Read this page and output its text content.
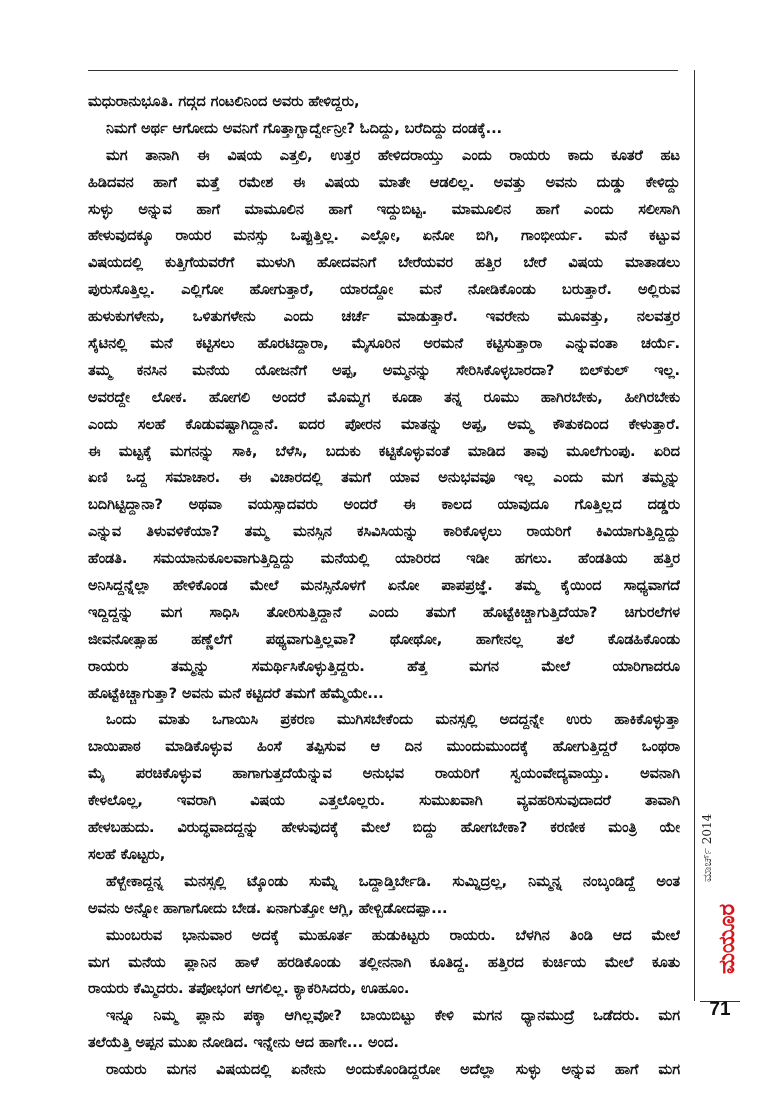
ಮಧುರಾನುಭೂತಿ. ಗದ್ಗದ ಗಂಟಲಿನಿಂದ ಅವರು ಹೇಳಿದ್ದರು,
ನಿಮಗೆ ಅರ್ಥ ಆಗೋದು ಅವನಿಗೆ ಗೊತ್ತಾಗ್ಬಾರ್ದ್ವೇನ್ರೀ? ಓದಿದ್ದು, ಬರೆದಿದ್ದು ದಂಡಕ್ಕೆ...
ಮಗ ತಾನಾಗಿ ಈ ವಿಷಯ ಎತ್ತಲಿ, ಉತ್ತರ ಹೇಳಿದರಾಯ್ತು ಎಂದು ರಾಯರು ಕಾದು ಕೂತರೆ ಹಟ
ಹಿಡಿದವನ ಹಾಗೆ ಮತ್ತೆ ರಮೇಶ ಈ ವಿಷಯ ಮಾತೇ ಆಡಲಿಲ್ಲ. ಅವತ್ತು ಅವನು ದುಡ್ಡು ಕೇಳಿದ್ದು
ಸುಳ್ಳು ಅನ್ನುವ ಹಾಗೆ ಮಾಮೂಲಿನ ಹಾಗೆ ಇದ್ದುಬಿಟ್ಟ. ಮಾಮೂಲಿನ ಹಾಗೆ ಎಂದು ಸಲೀಸಾಗಿ
ಹೇಳುವುದಕ್ಕೂ ರಾಯರ ಮನಸ್ಸು ಒಪ್ಪುತ್ತಿಲ್ಲ. ಎಲ್ಲೋ, ಏನೋ ಬಿಗಿ, ಗಾಂಭೀರ್ಯ. ಮನೆ ಕಟ್ಟುವ
ವಿಷಯದಲ್ಲಿ ಕುತ್ತಿಗೆಯವರೆಗೆ ಮುಳುಗಿ ಹೋದವನಿಗೆ ಬೇರೆಯವರ ಹತ್ತಿರ ಬೇರೆ ವಿಷಯ ಮಾತಾಡಲು
ಪುರುಸೊತ್ತಿಲ್ಲ. ಎಲ್ಲಿಗೋ ಹೋಗುತ್ತಾರೆ, ಯಾರದ್ದೋ ಮನೆ ನೋಡಿಕೊಂಡು ಬರುತ್ತಾರೆ. ಅಲ್ಲಿರುವ
ಹುಳುಕುಗಳೇನು, ಒಳಿತುಗಳೇನು ಎಂದು ಚರ್ಚೆ ಮಾಡುತ್ತಾರೆ. ಇವರೇನು ಮೂವತ್ತು, ನಲವತ್ತರ
ಸೈಟಿನಲ್ಲಿ ಮನೆ ಕಟ್ಟಿಸಲು ಹೊರಟಿದ್ದಾರಾ, ಮೈಸೂರಿನ ಅರಮನೆ ಕಟ್ಟಿಸುತ್ತಾರಾ ಎನ್ನುವಂತಾ ಚರ್ಯೆ.
ತಮ್ಮ ಕನಸಿನ ಮನೆಯ ಯೋಜನೆಗೆ ಅಪ್ಪ, ಅಮ್ಮನನ್ನು ಸೇರಿಸಿಕೊಳ್ಳಬಾರದಾ? ಬಿಲ್‌ಕುಲ್ ಇಲ್ಲ.
ಅವರದ್ದೇ ಲೋಕ. ಹೋಗಲಿ ಅಂದರೆ ಮೊಮ್ಮಗ ಕೂಡಾ ತನ್ನ ರೂಮು ಹಾಗಿರಬೇಕು, ಹೀಗಿರಬೇಕು
ಎಂದು ಸಲಹೆ ಕೊಡುವಷ್ಟಾಗಿದ್ದಾನೆ. ಐದರ ಪೋರನ ಮಾತನ್ನು ಅಪ್ಪ, ಅಮ್ಮ ಕೌತುಕದಿಂದ ಕೇಳುತ್ತಾರೆ.
ಈ ಮಟ್ಟಕ್ಕೆ ಮಗನನ್ನು ಸಾಕಿ, ಬೆಳೆಸಿ, ಬದುಕು ಕಟ್ಟಿಕೊಳ್ಳುವಂತೆ ಮಾಡಿದ ತಾವು ಮೂಲೆಗುಂಪು. ಏರಿದ
ಏಣಿ ಒದ್ದ ಸಮಾಚಾರ. ಈ ವಿಚಾರದಲ್ಲಿ ತಮಗೆ ಯಾವ ಅನುಭವವೂ ಇಲ್ಲ ಎಂದು ಮಗ ತಮ್ಮನ್ನು
ಬದಿಗಿಟ್ಟಿದ್ದಾನಾ? ಅಥವಾ ವಯಸ್ಸಾದವರು ಅಂದರೆ ಈ ಕಾಲದ ಯಾವುದೂ ಗೊತ್ತಿಲ್ಲದ ದಡ್ಡರು
ಎನ್ನುವ ತಿಳುವಳಿಕೆಯಾ? ತಮ್ಮ ಮನಸ್ಸಿನ ಕಸಿವಿಸಿಯನ್ನು ಕಾರಿಕೊಳ್ಳಲು ರಾಯರಿಗೆ ಕಿವಿಯಾಗುತ್ತಿದ್ದಿದ್ದು
ಹೆಂಡತಿ. ಸಮಯಾನುಕೂಲವಾಗುತ್ತಿದ್ದಿದ್ದು ಮನೆಯಲ್ಲಿ ಯಾರಿರದ ಇಡೀ ಹಗಲು. ಹೆಂಡತಿಯ ಹತ್ತಿರ
ಅನಿಸಿದ್ದನ್ನೆಲ್ಲಾ ಹೇಳಿಕೊಂಡ ಮೇಲೆ ಮನಸ್ಸಿನೊಳಗೆ ಏನೋ ಪಾಪಪ್ರಜ್ಞೆ. ತಮ್ಮ ಕೈಯಿಂದ ಸಾಧ್ಯವಾಗದೆ
ಇದ್ದಿದ್ದನ್ನು ಮಗ ಸಾಧಿಸಿ ತೋರಿಸುತ್ತಿದ್ದಾನೆ ಎಂದು ತಮಗೆ ಹೊಟ್ಟೆಕಿಚ್ಚಾಗುತ್ತಿದೆಯಾ? ಚಿಗುರಲೆಗಳ
ಜೀವನೋತ್ಸಾಹ ಹಣ್ಣೆಲೆಗೆ ಪಥ್ಯವಾಗುತ್ತಿಲ್ಲವಾ? ಥೋಥೋ, ಹಾಗೇನಲ್ಲ ತಲೆ ಕೊಡಹಿಕೊಂಡು
ರಾಯರು ತಮ್ಮನ್ನು ಸಮರ್ಥಿಸಿಕೊಳ್ಳುತ್ತಿದ್ದರು. ಹೆತ್ತ ಮಗನ ಮೇಲೆ ಯಾರಿಗಾದರೂ
ಹೊಟ್ಟೆಕಿಚ್ಚಾಗುತ್ತಾ? ಅವನು ಮನೆ ಕಟ್ಟಿದರೆ ತಮಗೆ ಹೆಮ್ಮೆಯೇ...
ಒಂದು ಮಾತು ಒಗಾಯಿಸಿ ಪ್ರಕರಣ ಮುಗಿಸಬೇಕೆಂದು ಮನಸ್ಸಲ್ಲಿ ಅದದ್ದನ್ನೇ ಉರು ಹಾಕಿಕೊಳ್ಳುತ್ತಾ
ಬಾಯಿಪಾಠ ಮಾಡಿಕೊಳ್ಳುವ ಹಿಂಸೆ ತಪ್ಪಿಸುವ ಆ ದಿನ ಮುಂದುಮುಂದಕ್ಕೆ ಹೋಗುತ್ತಿದ್ದರೆ ಒಂಥರಾ
ಮೈ ಪರಚಿಕೊಳ್ಳುವ ಹಾಗಾಗುತ್ತದೆಯೆನ್ನುವ ಅನುಭವ ರಾಯರಿಗೆ ಸ್ವಯಂವೇದ್ಯವಾಯ್ತು. ಅವನಾಗಿ
ಕೇಳಲೊಲ್ಲ, ಇವರಾಗಿ ವಿಷಯ ಎತ್ತಲೊಲ್ಲರು. ಸುಮುಖವಾಗಿ ವ್ಯವಹರಿಸುವುದಾದರೆ ತಾವಾಗಿ
ಹೇಳಬಹುದು. ವಿರುದ್ಧವಾದದ್ದನ್ನು ಹೇಳುವುದಕ್ಕೆ ಮೇಲೆ ಬಿದ್ದು ಹೋಗಬೇಕಾ? ಕರಣೀಕ ಮಂತ್ರಿ ಯೇ
ಸಲಹೆ ಕೊಟ್ಟರು,
ಹೆಳ್ಬೇಕಾದ್ದನ್ನ ಮನಸ್ಸಲ್ಲಿ ಟ್ಕೊಂಡು ಸುಮ್ನೆ ಒದ್ದಾಡ್ತಿರ್ಬೇಡಿ. ಸುಮ್ನಿದ್ರಲ್ಲ, ನಿಮ್ಮನ್ನ ನಂಬ್ಕಂಡಿದ್ದೆ ಅಂತ
ಅವನು ಅನ್ನೋ ಹಾಗಾಗೋದು ಬೇಡ. ಏನಾಗುತ್ತೋ ಆಗ್ಲಿ, ಹೇಳ್ಬಿಡೋದಪ್ಪಾ...
ಮುಂಬರುವ ಭಾನುವಾರ ಅದಕ್ಕೆ ಮುಹೂರ್ತ ಹುಡುಕಿಟ್ಟರು ರಾಯರು. ಬೆಳಗಿನ ತಿಂಡಿ ಆದ ಮೇಲೆ
ಮಗ ಮನೆಯ ಪ್ಲಾನಿನ ಹಾಳೆ ಹರಡಿಕೊಂಡು ತಲ್ಲೀನನಾಗಿ ಕೂತಿದ್ದ. ಹತ್ತಿರದ ಕುರ್ಚಿಯ ಮೇಲೆ ಕೂತು
ರಾಯರು ಕೆಮ್ಮಿದರು. ತಪೋಭಂಗ ಆಗಲಿಲ್ಲ. ಕ್ಯಾಕರಿಸಿದರು, ಊಹೂಂ.
ಇನ್ನೂ ನಿಮ್ಮ ಪ್ಲಾನು ಪಕ್ಕಾ ಆಗಿಲ್ಲವೋ? ಬಾಯಿಬಿಟ್ಟು ಕೇಳಿ ಮಗನ ಧ್ಯಾನಮುದ್ರೆ ಒಡೆದರು. ಮಗ
ತಲೆಯೆತ್ತಿ ಅಪ್ಪನ ಮುಖ ನೋಡಿದ. ಇನ್ನೇನು ಆದ ಹಾಗೇ... ಅಂದ.
ರಾಯರು ಮಗನ ವಿಷಯದಲ್ಲಿ ಏನೇನು ಅಂದುಕೊಂಡಿದ್ದರೋ ಅದೆಲ್ಲಾ ಸುಳ್ಳು ಅನ್ನುವ ಹಾಗೆ ಮಗ
ಮಾರ್ಚ್ 2014
ಮಯೂರ
71
